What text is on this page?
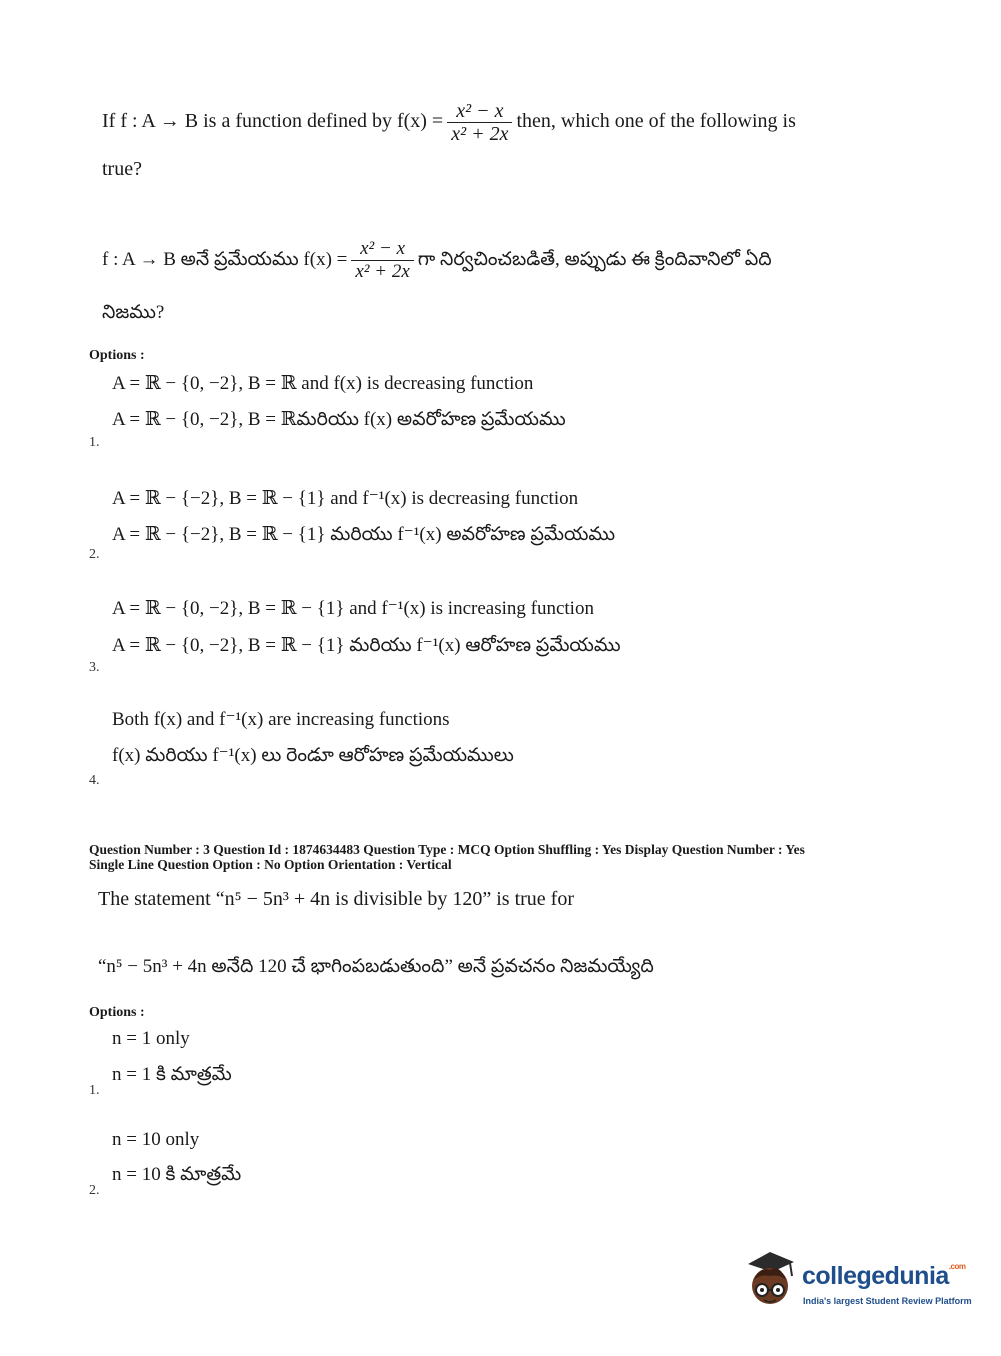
If f : A → B is a function defined by $f(x) = \frac{\text{x² − x}}{\text{x² + 2x}}$ then, which one of the following is
true?
f : A → B అనే ప్రమేయము $f(x) = \frac{\text{x² − x}}{\text{x² + 2x}}$ గా నిర్వచించబడితే, అప్పుడు ఈ క్రిందివానిలో ఏది
నిజము?
Options :
A = ℝ − {0, −2}, B = ℝ and f(x) is decreasing function
A = ℝ − {0, −2}, B = ℝమరియు f(x) అవరోహణ ప్రమేయము
1.
A = ℝ − {−2}, B = ℝ − {1} and f⁻¹(x) is decreasing function
A = ℝ − {−2}, B = ℝ − {1} మరియు f⁻¹(x) అవరోహణ ప్రమేయము
2.
A = ℝ − {0, −2}, B = ℝ − {1} and f⁻¹(x) is increasing function
A = ℝ − {0, −2}, B = ℝ − {1} మరియు f⁻¹(x) ఆరోహణ ప్రమేయము
3.
Both f(x) and f⁻¹(x) are increasing functions
f(x) మరియు f⁻¹(x) లు రెండూ ఆరోహణ ప్రమేయములు
4.
Question Number : 3 Question Id : 1874634483 Question Type : MCQ Option Shuffling : Yes Display Question Number : Yes
Single Line Question Option : No Option Orientation : Vertical
The statement “n⁵ − 5n³ + 4n is divisible by 120” is true for
“n⁵ − 5n³ + 4n అనేది 120 చే భాగింపబడుతుంది” అనే ప్రవచనం నిజమయ్యేది
Options :
n = 1 only
n = 1 కి మాత్రమే
1.
n = 10 only
n = 10 కి మాత్రమే
2.
collegedunia$^{.com}$
India's largest Student Review Platform
